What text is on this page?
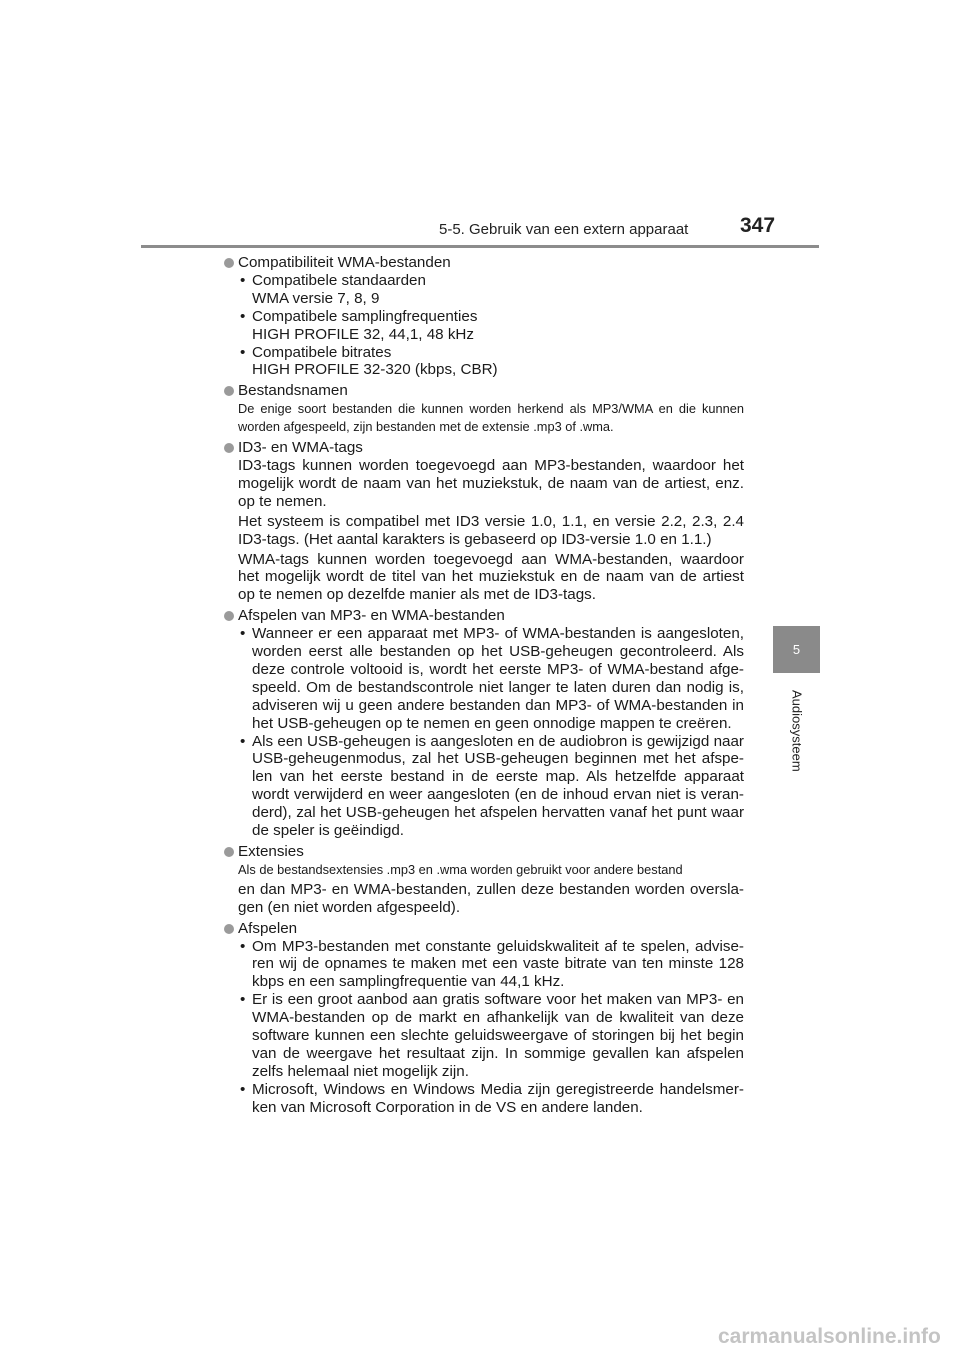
5-5. Gebruik van een extern apparaat 347
5
Audiosysteem
Compatibiliteit WMA-bestanden
• Compatibele standaarden
WMA versie 7, 8, 9
• Compatibele samplingfrequenties
HIGH PROFILE 32, 44,1, 48 kHz
• Compatibele bitrates
HIGH PROFILE 32-320 (kbps, CBR)
Bestandsnamen
De enige soort bestanden die kunnen worden herkend als MP3/WMA en die kunnen worden afgespeeld, zijn bestanden met de extensie .mp3 of .wma.
ID3- en WMA-tags
ID3-tags kunnen worden toegevoegd aan MP3-bestanden, waardoor het mogelijk wordt de naam van het muziekstuk, de naam van de artiest, enz. op te nemen.
Het systeem is compatibel met ID3 versie 1.0, 1.1, en versie 2.2, 2.3, 2.4 ID3-tags. (Het aantal karakters is gebaseerd op ID3-versie 1.0 en 1.1.)
WMA-tags kunnen worden toegevoegd aan WMA-bestanden, waardoor het mogelijk wordt de titel van het muziekstuk en de naam van de artiest op te nemen op dezelfde manier als met de ID3-tags.
Afspelen van MP3- en WMA-bestanden
• Wanneer er een apparaat met MP3- of WMA-bestanden is aangesloten, worden eerst alle bestanden op het USB-geheugen gecontroleerd. Als deze controle voltooid is, wordt het eerste MP3- of WMA-bestand afge-speeld. Om de bestandscontrole niet langer te laten duren dan nodig is, adviseren wij u geen andere bestanden dan MP3- of WMA-bestanden in het USB-geheugen op te nemen en geen onnodige mappen te creëren.
• Als een USB-geheugen is aangesloten en de audiobron is gewijzigd naar USB-geheugenmodus, zal het USB-geheugen beginnen met het afspe-len van het eerste bestand in de eerste map. Als hetzelfde apparaat wordt verwijderd en weer aangesloten (en de inhoud ervan niet is veran-derd), zal het USB-geheugen het afspelen hervatten vanaf het punt waar de speler is geëindigd.
Extensies
Als de bestandsextensies .mp3 en .wma worden gebruikt voor andere bestand
en dan MP3- en WMA-bestanden, zullen deze bestanden worden oversla-gen (en niet worden afgespeeld).
Afspelen
• Om MP3-bestanden met constante geluidskwaliteit af te spelen, advise-ren wij de opnames te maken met een vaste bitrate van ten minste 128 kbps en een samplingfrequentie van 44,1 kHz.
• Er is een groot aanbod aan gratis software voor het maken van MP3- en WMA-bestanden op de markt en afhankelijk van de kwaliteit van deze software kunnen een slechte geluidsweergave of storingen bij het begin van de weergave het resultaat zijn. In sommige gevallen kan afspelen zelfs helemaal niet mogelijk zijn.
• Microsoft, Windows en Windows Media zijn geregistreerde handelsmer-ken van Microsoft Corporation in de VS en andere landen.
carmanualsonline.info
